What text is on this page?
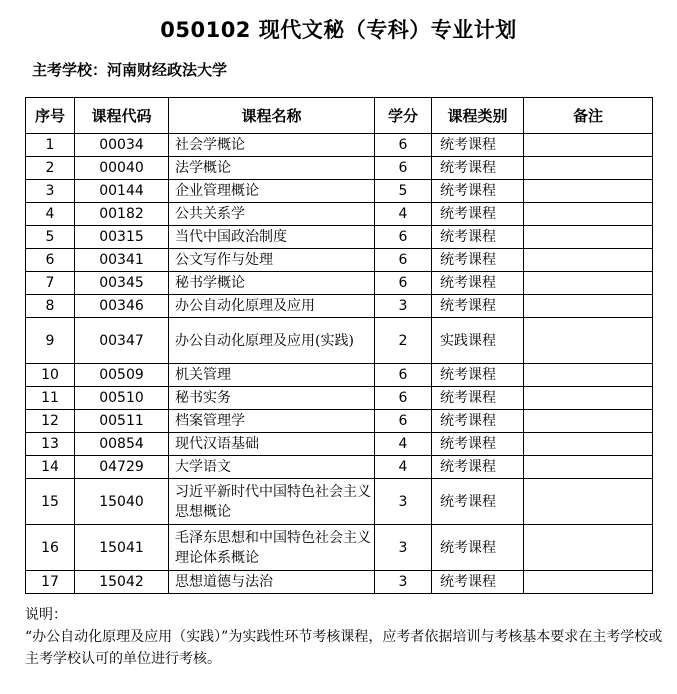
050102 现代文秘（专科）专业计划
主考学校：河南财经政法大学
序号	课程代码	课程名称	学分	课程类别	备注
1	00034	社会学概论	6	统考课程	
2	00040	法学概论	6	统考课程	
3	00144	企业管理概论	5	统考课程	
4	00182	公共关系学	4	统考课程	
5	00315	当代中国政治制度	6	统考课程	
6	00341	公文写作与处理	6	统考课程	
7	00345	秘书学概论	6	统考课程	
8	00346	办公自动化原理及应用	3	统考课程	
9	00347	办公自动化原理及应用(实践)	2	实践课程	
10	00509	机关管理	6	统考课程	
11	00510	秘书实务	6	统考课程	
12	00511	档案管理学	6	统考课程	
13	00854	现代汉语基础	4	统考课程	
14	04729	大学语文	4	统考课程	
15	15040	习近平新时代中国特色社会主义思想概论	3	统考课程	
16	15041	毛泽东思想和中国特色社会主义理论体系概论	3	统考课程	
17	15042	思想道德与法治	3	统考课程	
说明：
“办公自动化原理及应用（实践）”为实践性环节考核课程，应考者依据培训与考核基本要求在主考学校或主考学校认可的单位进行考核。
